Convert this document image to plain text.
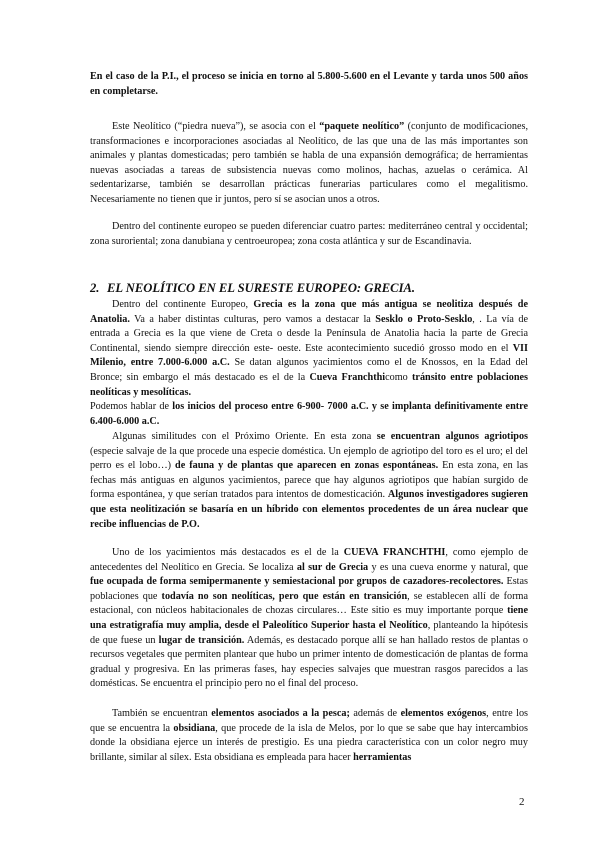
En el caso de la P.I., el proceso se inicia en torno al 5.800-5.600 en el Levante y tarda unos 500 años en completarse.

Este Neolítico (“piedra nueva”), se asocia con el “paquete neolítico” (conjunto de modificaciones, transformaciones e incorporaciones asociadas al Neolítico, de las que una de las más importantes son animales y plantas domesticadas; pero también se habla de una expansión demográfica; de herramientas nuevas asociadas a tareas de subsistencia nuevas como molinos, hachas, azuelas o cerámica. Al sedentarizarse, también se desarrollan prácticas funerarias particulares como el megalitismo. Necesariamente no tienen que ir juntos, pero sí se asocian unos a otros.

Dentro del continente europeo se pueden diferenciar cuatro partes: mediterráneo central y occidental; zona suroriental; zona danubiana y centroeuropea; zona costa atlántica y sur de Escandinavia.

2. EL NEOLÍTICO EN EL SURESTE EUROPEO: GRECIA.

Dentro del continente Europeo, Grecia es la zona que más antigua se neolitiza después de Anatolia. Va a haber distintas culturas, pero vamos a destacar la Sesklo o Proto-Sesklo, . La vía de entrada a Grecia es la que viene de Creta o desde la Península de Anatolia hacia la parte de Grecia Continental, siendo siempre dirección este- oeste. Este acontecimiento sucedió grosso modo en el VII Milenio, entre 7.000-6.000 a.C. Se datan algunos yacimientos como el de Knossos, en la Edad del Bronce; sin embargo el más destacado es el de la Cueva Franchthicomo tránsito entre poblaciones neolíticas y mesolíticas.

Podemos hablar de los inicios del proceso entre 6-900- 7000 a.C. y se implanta definitivamente entre 6.400-6.000 a.C.

Algunas similitudes con el Próximo Oriente. En esta zona se encuentran algunos agriotipos (especie salvaje de la que procede una especie doméstica. Un ejemplo de agriotipo del toro es el uro; el del perro es el lobo…) de fauna y de plantas que aparecen en zonas espontáneas. En esta zona, en las fechas más antiguas en algunos yacimientos, parece que hay algunos agriotipos que habían surgido de forma espontánea, y que serían tratados para intentos de domesticación. Algunos investigadores sugieren que esta neolitización se basaría en un híbrido con elementos procedentes de un área nuclear que recibe influencias de P.O.

Uno de los yacimientos más destacados es el de la CUEVA FRANCHTHI, como ejemplo de antecedentes del Neolítico en Grecia. Se localiza al sur de Grecia y es una cueva enorme y natural, que fue ocupada de forma semipermanente y semiestacional por grupos de cazadores-recolectores. Estas poblaciones que todavía no son neolíticas, pero que están en transición, se establecen allí de forma estacional, con núcleos habitacionales de chozas circulares… Este sitio es muy importante porque tiene una estratigrafía muy amplia, desde el Paleolítico Superior hasta el Neolítico, planteando la hipótesis de que fuese un lugar de transición. Además, es destacado porque allí se han hallado restos de plantas o recursos vegetales que permiten plantear que hubo un primer intento de domesticación de plantas de forma gradual y progresiva. En las primeras fases, hay especies salvajes que muestran rasgos parecidos a las domésticas. Se encuentra el principio pero no el final del proceso.

También se encuentran elementos asociados a la pesca; además de elementos exógenos, entre los que se encuentra la obsidiana, que procede de la isla de Melos, por lo que se sabe que hay intercambios donde la obsidiana ejerce un interés de prestigio. Es una piedra característica con un color negro muy brillante, similar al sílex. Esta obsidiana es empleada para hacer herramientas

2
